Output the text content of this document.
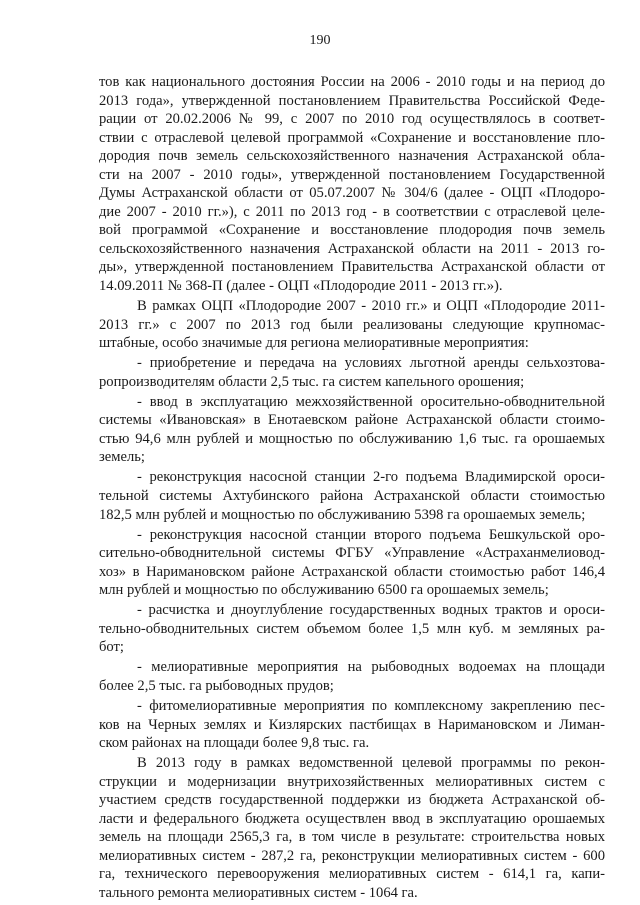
190
тов как национального достояния России на 2006 - 2010 годы и на период до
2013 года», утвержденной постановлением Правительства Российской Феде-
рации от 20.02.2006 № 99, с 2007 по 2010 год осуществлялось в соответ-
ствии с отраслевой целевой программой «Сохранение и восстановление пло-
дородия почв земель сельскохозяйственного назначения Астраханской обла-
сти на 2007 - 2010 годы», утвержденной постановлением Государственной
Думы Астраханской области от 05.07.2007 № 304/6 (далее - ОЦП «Плодоро-
дие 2007 - 2010 гг.»), с 2011 по 2013 год - в соответствии с отраслевой целе-
вой программой «Сохранение и восстановление плодородия почв земель
сельскохозяйственного назначения Астраханской области на 2011 - 2013 го-
ды», утвержденной постановлением Правительства Астраханской области от
14.09.2011 № 368-П (далее - ОЦП «Плодородие 2011 - 2013 гг.»).
В рамках ОЦП «Плодородие 2007 - 2010 гг.» и ОЦП «Плодородие 2011-
2013 гг.» с 2007 по 2013 год были реализованы следующие крупномас-
штабные, особо значимые для региона мелиоративные мероприятия:
- приобретение и передача на условиях льготной аренды сельхозтова-
ропроизводителям области 2,5 тыс. га систем капельного орошения;
- ввод в эксплуатацию межхозяйственной оросительно-обводнительной
системы «Ивановская» в Енотаевском районе Астраханской области стоимо-
стью 94,6 млн рублей и мощностью по обслуживанию 1,6 тыс. га орошаемых
земель;
- реконструкция насосной станции 2-го подъема Владимирской ороси-
тельной системы Ахтубинского района Астраханской области стоимостью
182,5 млн рублей и мощностью по обслуживанию 5398 га орошаемых земель;
- реконструкция насосной станции второго подъема Бешкульской оро-
сительно-обводнительной системы ФГБУ «Управление «Астраханмелиовод-
хоз» в Наримановском районе Астраханской области стоимостью работ 146,4
млн рублей и мощностью по обслуживанию 6500 га орошаемых земель;
- расчистка и дноуглубление государственных водных трактов и ороси-
тельно-обводнительных систем объемом более 1,5 млн куб. м земляных ра-
бот;
- мелиоративные мероприятия на рыбоводных водоемах на площади
более 2,5 тыс. га рыбоводных прудов;
- фитомелиоративные мероприятия по комплексному закреплению пес-
ков на Черных землях и Кизлярских пастбищах в Наримановском и Лиман-
ском районах на площади более 9,8 тыс. га.
В 2013 году в рамках ведомственной целевой программы по рекон-
струкции и модернизации внутрихозяйственных мелиоративных систем с
участием средств государственной поддержки из бюджета Астраханской об-
ласти и федерального бюджета осуществлен ввод в эксплуатацию орошаемых
земель на площади 2565,3 га, в том числе в результате: строительства новых
мелиоративных систем - 287,2 га, реконструкции мелиоративных систем - 600
га, технического перевооружения мелиоративных систем - 614,1 га, капи-
тального ремонта мелиоративных систем - 1064 га.
